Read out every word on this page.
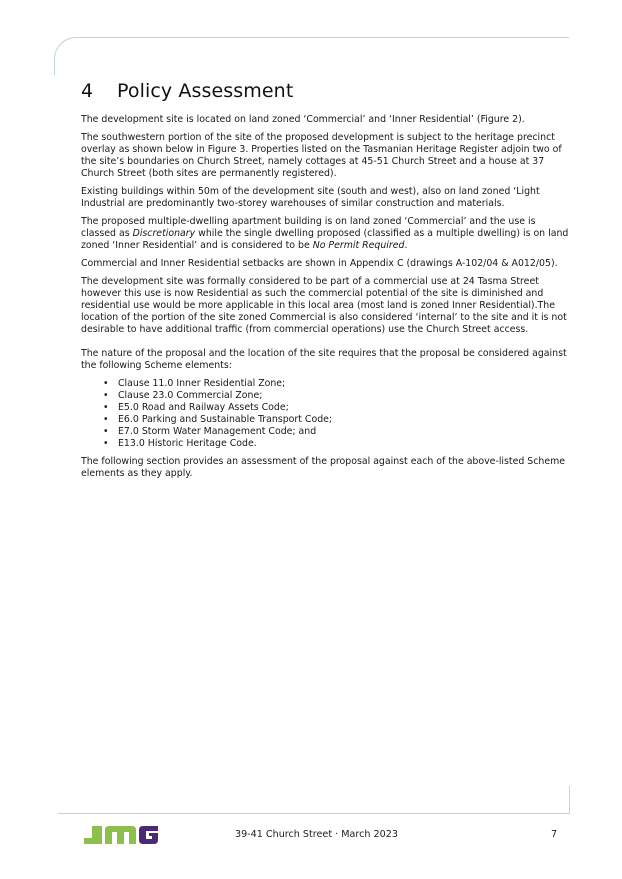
4 Policy Assessment

The development site is located on land zoned ‘Commercial’ and ‘Inner Residential’ (Figure 2).

The southwestern portion of the site of the proposed development is subject to the heritage precinct overlay as shown below in Figure 3. Properties listed on the Tasmanian Heritage Register adjoin two of the site’s boundaries on Church Street, namely cottages at 45-51 Church Street and a house at 37 Church Street (both sites are permanently registered).

Existing buildings within 50m of the development site (south and west), also on land zoned ‘Light Industrial are predominantly two-storey warehouses of similar construction and materials.

The proposed multiple-dwelling apartment building is on land zoned ‘Commercial’ and the use is classed as Discretionary while the single dwelling proposed (classified as a multiple dwelling) is on land zoned ‘Inner Residential’ and is considered to be No Permit Required.

Commercial and Inner Residential setbacks are shown in Appendix C (drawings A-102/04 & A012/05).

The development site was formally considered to be part of a commercial use at 24 Tasma Street however this use is now Residential as such the commercial potential of the site is diminished and residential use would be more applicable in this local area (most land is zoned Inner Residential).The location of the portion of the site zoned Commercial is also considered ‘internal’ to the site and it is not desirable to have additional traffic (from commercial operations) use the Church Street access.

The nature of the proposal and the location of the site requires that the proposal be considered against the following Scheme elements:

• Clause 11.0 Inner Residential Zone;
• Clause 23.0 Commercial Zone;
• E5.0 Road and Railway Assets Code;
• E6.0 Parking and Sustainable Transport Code;
• E7.0 Storm Water Management Code; and
• E13.0 Historic Heritage Code.

The following section provides an assessment of the proposal against each of the above-listed Scheme elements as they apply.

39-41 Church Street · March 2023	7
